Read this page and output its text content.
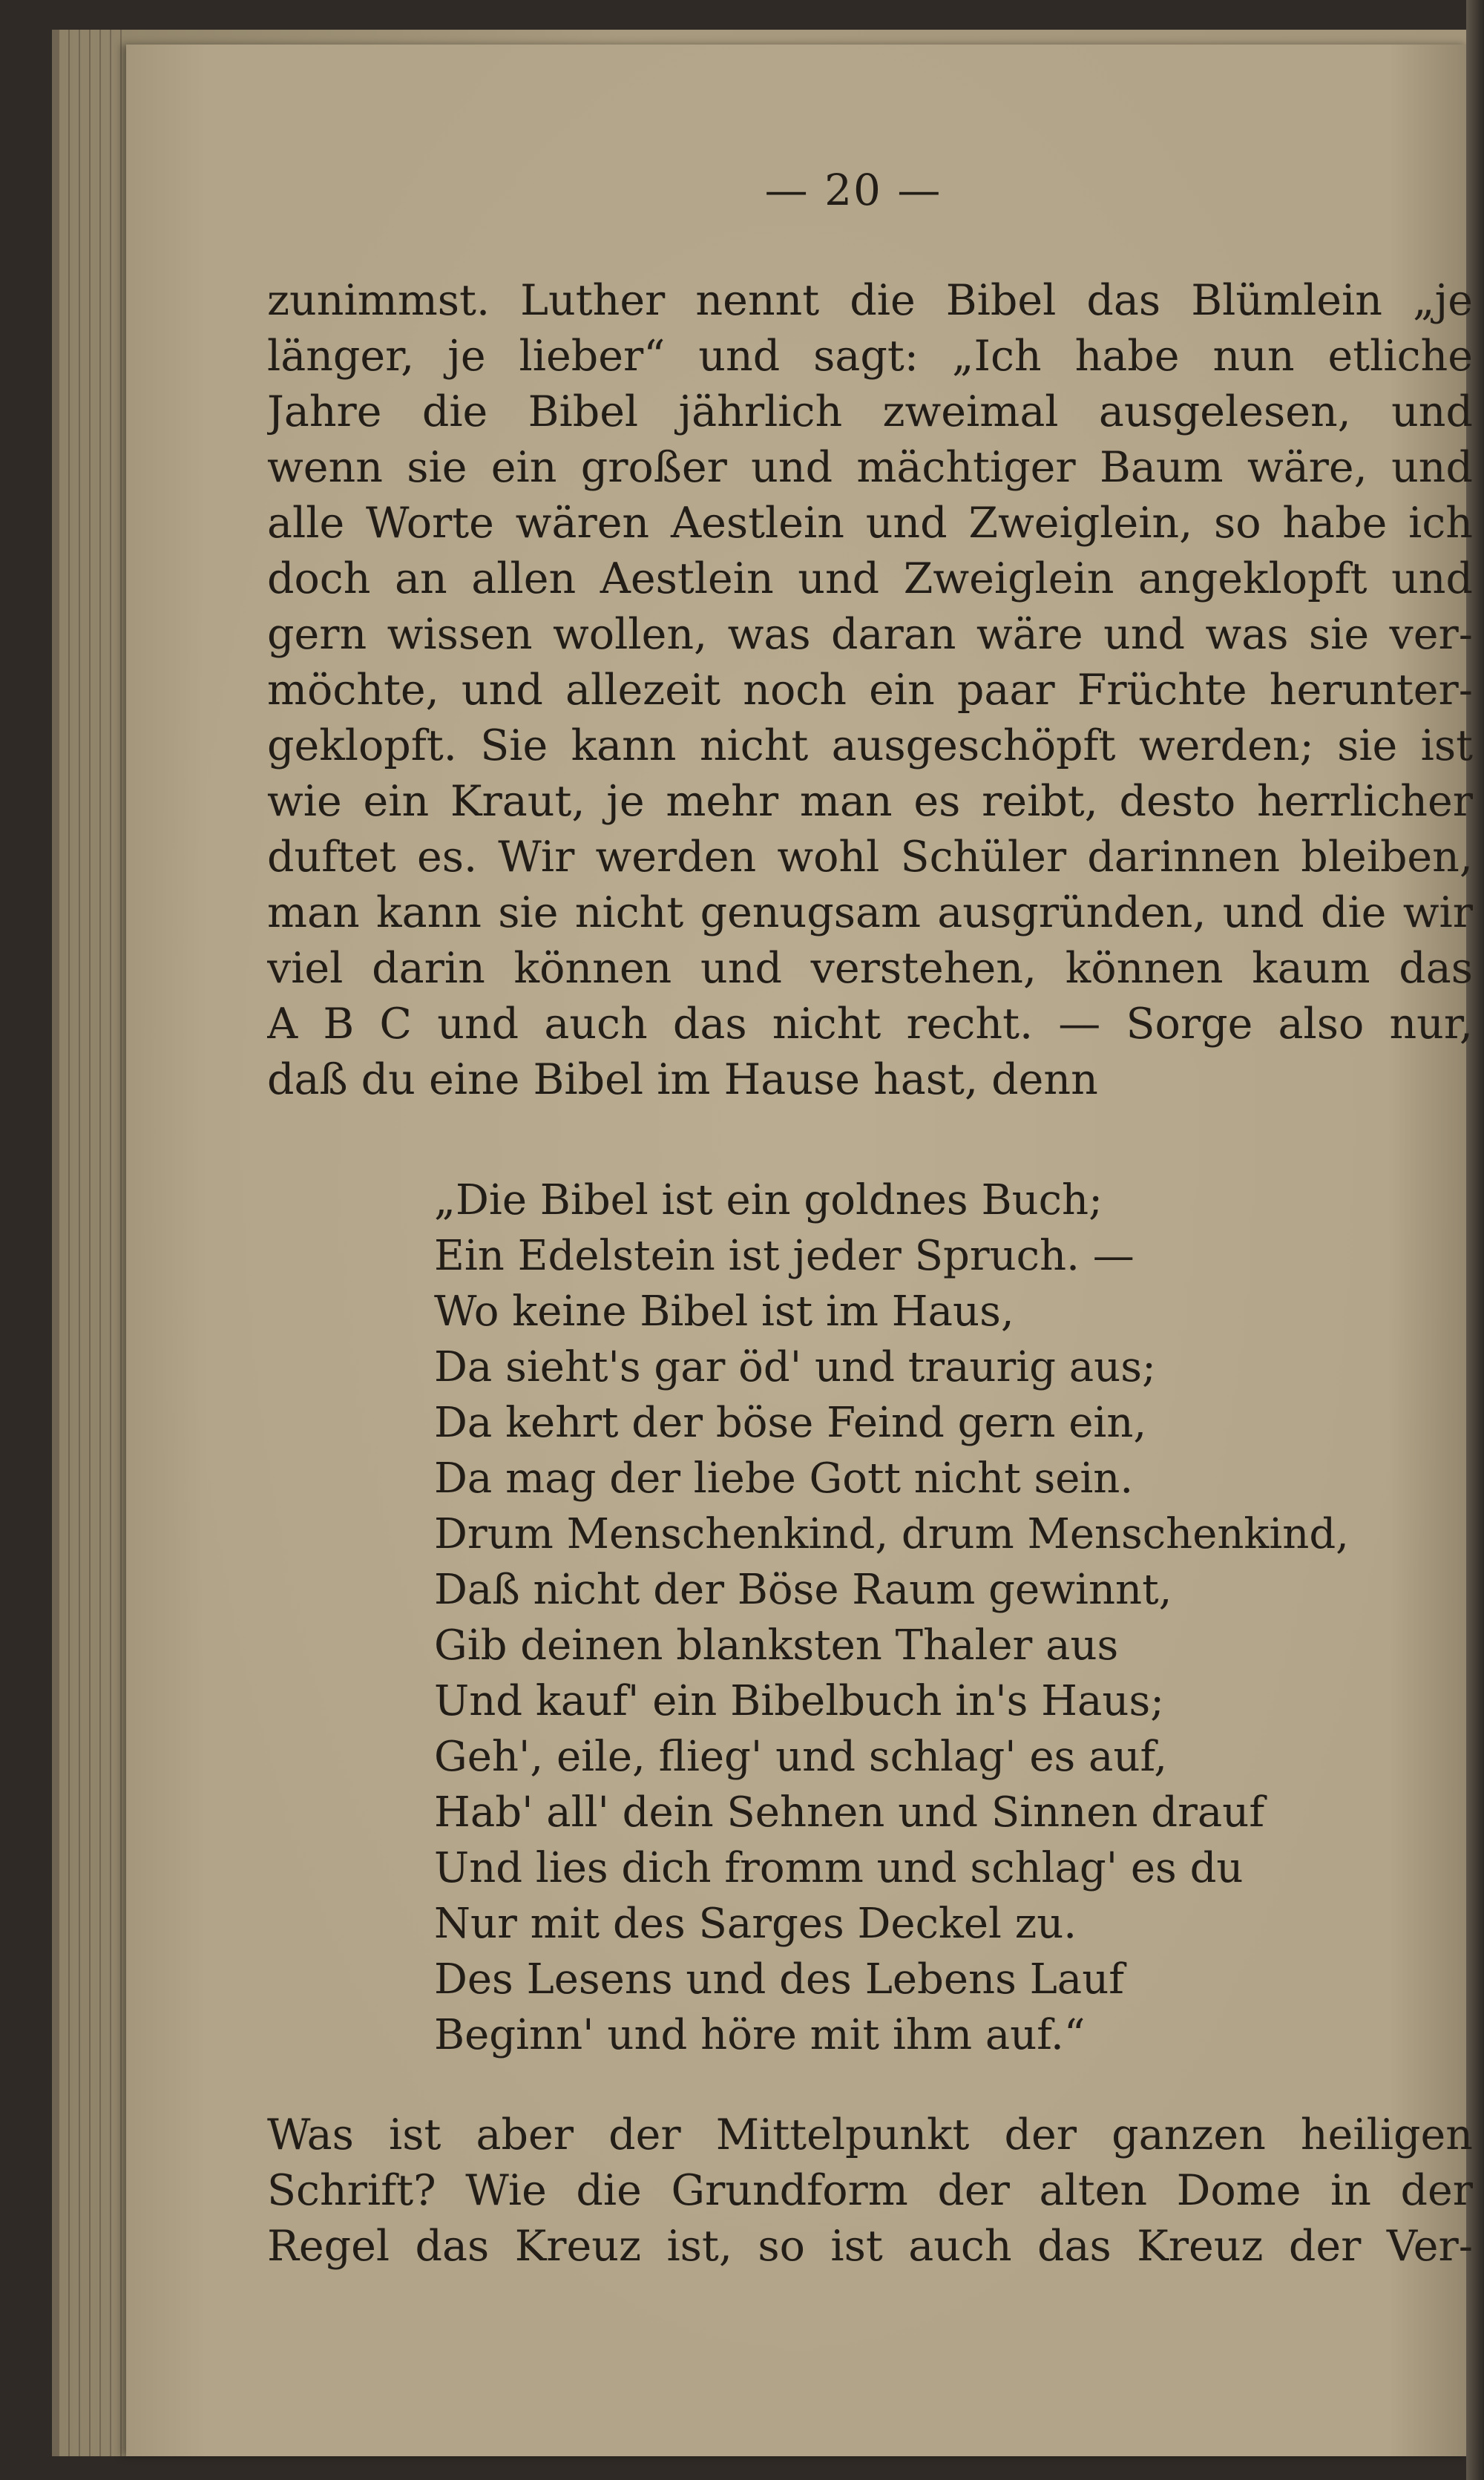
— 20 —
zunimmst. Luther nennt die Bibel das Blümlein „je
länger, je lieber“ und sagt: „Ich habe nun etliche
Jahre die Bibel jährlich zweimal ausgelesen, und
wenn sie ein großer und mächtiger Baum wäre, und
alle Worte wären Aestlein und Zweiglein, so habe ich
doch an allen Aestlein und Zweiglein angeklopft und
gern wissen wollen, was daran wäre und was sie ver-
möchte, und allezeit noch ein paar Früchte herunter-
geklopft. Sie kann nicht ausgeschöpft werden; sie ist
wie ein Kraut, je mehr man es reibt, desto herrlicher
duftet es. Wir werden wohl Schüler darinnen bleiben,
man kann sie nicht genugsam ausgründen, und die wir
viel darin können und verstehen, können kaum das
A B C und auch das nicht recht. — Sorge also nur,
daß du eine Bibel im Hause hast, denn
„Die Bibel ist ein goldnes Buch;
Ein Edelstein ist jeder Spruch. —
Wo keine Bibel ist im Haus,
Da sieht's gar öd' und traurig aus;
Da kehrt der böse Feind gern ein,
Da mag der liebe Gott nicht sein.
Drum Menschenkind, drum Menschenkind,
Daß nicht der Böse Raum gewinnt,
Gib deinen blanksten Thaler aus
Und kauf' ein Bibelbuch in's Haus;
Geh', eile, flieg' und schlag' es auf,
Hab' all' dein Sehnen und Sinnen drauf
Und lies dich fromm und schlag' es du
Nur mit des Sarges Deckel zu.
Des Lesens und des Lebens Lauf
Beginn' und höre mit ihm auf.“
Was ist aber der Mittelpunkt der ganzen heiligen
Schrift? Wie die Grundform der alten Dome in der
Regel das Kreuz ist, so ist auch das Kreuz der Ver-
